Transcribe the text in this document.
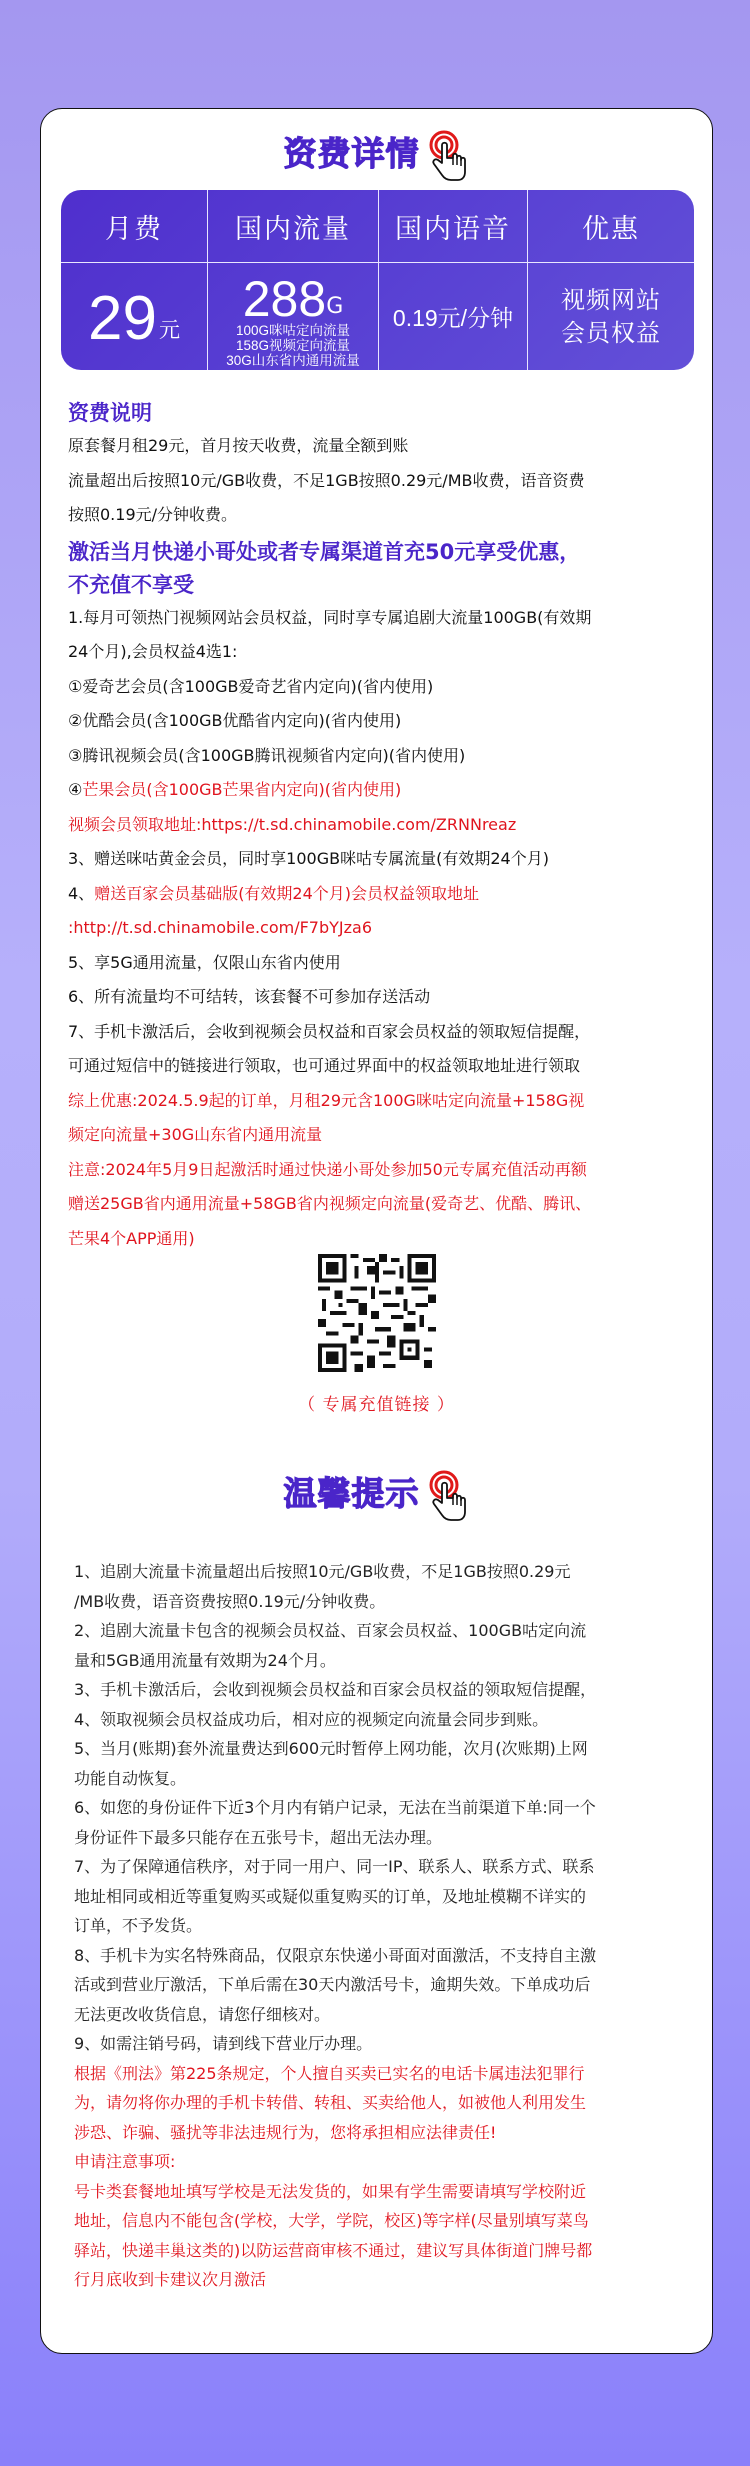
资费详情
月费	国内流量 国内语音	优惠
29 元
288 G
100G咪咕定向流量
158G视频定向流量
30G山东省内通用流量
0.19元/分钟
视频网站
会员权益
资费说明

原套餐月租29元，首月按天收费，流量全额到账

流量超出后按照10元/GB收费，不足1GB按照0.29元/MB收费，语音资费

按照0.19元/分钟收费。

激活当月快递小哥处或者专属渠道首充50元享受优惠，
不充值不享受

1.每月可领热门视频网站会员权益，同时享专属追剧大流量100GB(有效期

24个月),会员权益4选1:

①爱奇艺会员(含100GB爱奇艺省内定向)(省内使用)

②优酷会员(含100GB优酷省内定向)(省内使用)

③腾讯视频会员(含100GB腾讯视频省内定向)(省内使用)

④芒果会员(含100GB芒果省内定向)(省内使用)

视频会员领取地址:https://t.sd.chinamobile.com/ZRNNreaz

3、赠送咪咕黄金会员，同时享100GB咪咕专属流量(有效期24个月)

4、赠送百家会员基础版(有效期24个月)会员权益领取地址

:http://t.sd.chinamobile.com/F7bYJza6

5、享5G通用流量，仅限山东省内使用

6、所有流量均不可结转，该套餐不可参加存送活动

7、手机卡激活后，会收到视频会员权益和百家会员权益的领取短信提醒，

可通过短信中的链接进行领取，也可通过界面中的权益领取地址进行领取

综上优惠:2024.5.9起的订单，月租29元含100G咪咕定向流量+158G视

频定向流量+30G山东省内通用流量

注意:2024年5月9日起激活时通过快递小哥处参加50元专属充值活动再额

赠送25GB省内通用流量+58GB省内视频定向流量(爱奇艺、优酷、腾讯、

芒果4个APP通用)

（ 专属充值链接 ）
温馨提示

1、追剧大流量卡流量超出后按照10元/GB收费，不足1GB按照0.29元

/MB收费，语音资费按照0.19元/分钟收费。

2、追剧大流量卡包含的视频会员权益、百家会员权益、100GB咕定向流

量和5GB通用流量有效期为24个月。

3、手机卡激活后，会收到视频会员权益和百家会员权益的领取短信提醒，

4、领取视频会员权益成功后，相对应的视频定向流量会同步到账。

5、当月(账期)套外流量费达到600元时暂停上网功能，次月(次账期)上网

功能自动恢复。

6、如您的身份证件下近3个月内有销户记录，无法在当前渠道下单:同一个

身份证件下最多只能存在五张号卡，超出无法办理。

7、为了保障通信秩序，对于同一用户、同一IP、联系人、联系方式、联系

地址相同或相近等重复购买或疑似重复购买的订单，及地址模糊不详实的

订单，不予发货。

8、手机卡为实名特殊商品，仅限京东快递小哥面对面激活，不支持自主激

活或到营业厅激活，下单后需在30天内激活号卡，逾期失效。下单成功后

无法更改收货信息，请您仔细核对。

9、如需注销号码，请到线下营业厅办理。

根据《刑法》第225条规定，个人擅自买卖已实名的电话卡属违法犯罪行

为，请勿将你办理的手机卡转借、转租、买卖给他人，如被他人利用发生

涉恐、诈骗、骚扰等非法违规行为，您将承担相应法律责任!

申请注意事项:

号卡类套餐地址填写学校是无法发货的，如果有学生需要请填写学校附近

地址，信息内不能包含(学校，大学，学院，校区)等字样(尽量别填写菜鸟

驿站，快递丰巢这类的)以防运营商审核不通过，建议写具体街道门牌号都

行月底收到卡建议次月激活
